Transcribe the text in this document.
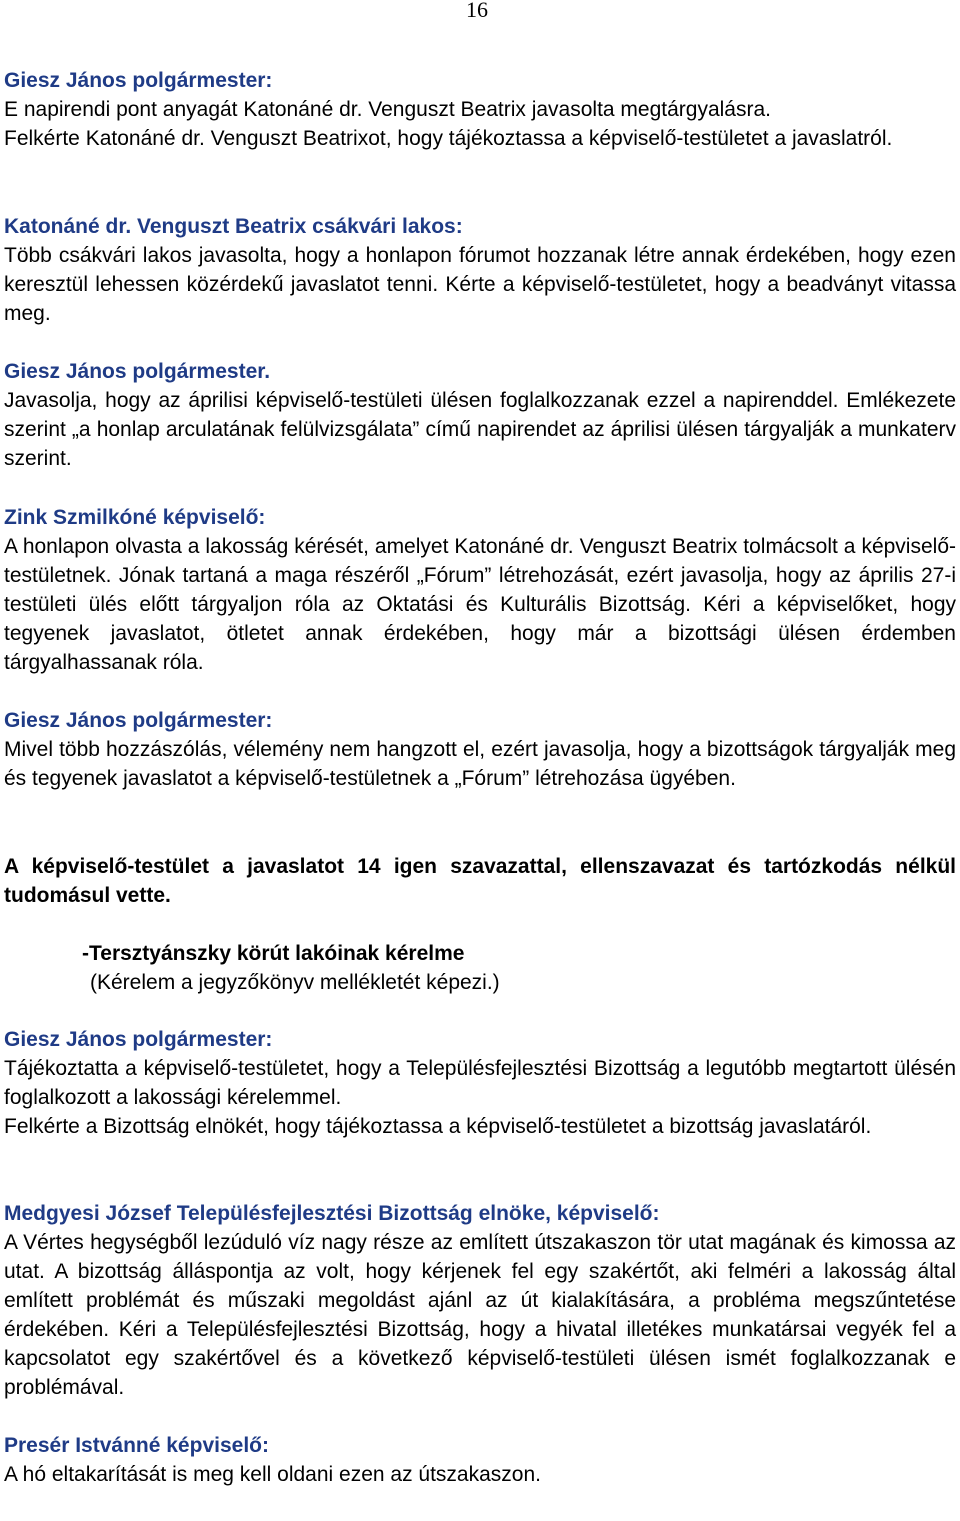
16
Giesz János polgármester:
E napirendi pont anyagát Katonáné dr. Venguszt Beatrix javasolta megtárgyalásra.
Felkérte Katonáné dr. Venguszt Beatrixot, hogy tájékoztassa a képviselő-testületet a javaslatról.
Katonáné dr. Venguszt Beatrix csákvári lakos:
Több csákvári lakos javasolta, hogy a honlapon fórumot hozzanak létre annak érdekében, hogy ezen keresztül lehessen közérdekű javaslatot tenni. Kérte a képviselő-testületet, hogy a beadványt vitassa meg.
Giesz János polgármester.
Javasolja, hogy az áprilisi képviselő-testületi ülésen foglalkozzanak ezzel a napirenddel. Emlékezete szerint „a honlap arculatának felülvizsgálata” című napirendet az áprilisi ülésen tárgyalják a munkaterv szerint.
Zink Szmilkóné képviselő:
A honlapon olvasta a lakosság kérését, amelyet Katonáné dr. Venguszt Beatrix tolmácsolt a képviselő-testületnek. Jónak tartaná a maga részéről „Fórum” létrehozását, ezért javasolja, hogy az április 27-i testületi ülés előtt tárgyaljon róla az Oktatási és Kulturális Bizottság. Kéri a képviselőket, hogy tegyenek javaslatot, ötletet annak érdekében, hogy már a bizottsági ülésen érdemben tárgyalhassanak róla.
Giesz János polgármester:
Mivel több hozzászólás, vélemény nem hangzott el, ezért javasolja, hogy a bizottságok tárgyalják meg és tegyenek javaslatot a képviselő-testületnek a „Fórum” létrehozása ügyében.
A képviselő-testület a javaslatot 14 igen szavazattal, ellenszavazat és tartózkodás nélkül tudomásul vette.
-Tersztyánszky körút lakóinak kérelme
(Kérelem a jegyzőkönyv mellékletét képezi.)
Giesz János polgármester:
Tájékoztatta a képviselő-testületet, hogy a Településfejlesztési Bizottság a legutóbb megtartott ülésén foglalkozott a lakossági kérelemmel.
Felkérte a Bizottság elnökét, hogy tájékoztassa a képviselő-testületet a bizottság javaslatáról.
Medgyesi József Településfejlesztési Bizottság elnöke, képviselő:
A Vértes hegységből lezúduló víz nagy része az említett útszakaszon tör utat magának és kimossa az utat. A bizottság álláspontja az volt, hogy kérjenek fel egy szakértőt, aki felméri a lakosság által említett problémát és műszaki megoldást ajánl az út kialakítására, a probléma megszűntetése érdekében. Kéri a Településfejlesztési Bizottság, hogy a hivatal illetékes munkatársai vegyék fel a kapcsolatot egy szakértővel és a következő képviselő-testületi ülésen ismét foglalkozzanak e problémával.
Presér Istvánné képviselő:
A hó eltakarítását is meg kell oldani ezen az útszakaszon.
